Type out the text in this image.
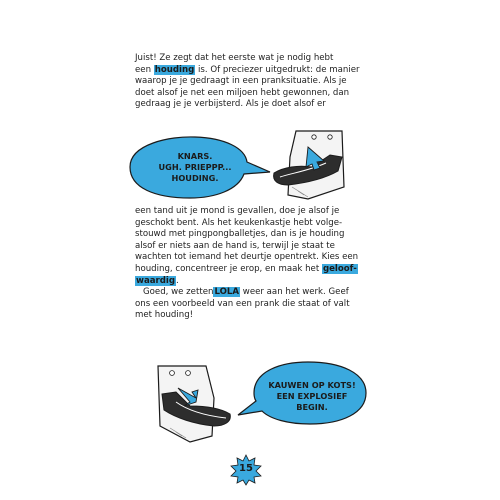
Juist! Ze zegt dat het eerste wat je nodig hebt
een houding is. Of preciezer uitgedrukt: de manier
waarop je je gedraagt in een pranksituatie. Als je
doet alsof je net een miljoen hebt gewonnen, dan
gedraag je je verbijsterd. Als je doet alsof er
KNARS.
UGH. PRIEPPP...
HOUDING.
een tand uit je mond is gevallen, doe je alsof je
geschokt bent. Als het keukenkastje hebt volge-
stouwd met pingpongballetjes, dan is je houding
alsof er niets aan de hand is, terwijl je staat te
wachten tot iemand het deurtje opentrekt. Kies een
houding, concentreer je erop, en maak het geloof-
waardig.
Goed, we zettenLOLA weer aan het werk. Geef
ons een voorbeeld van een prank die staat of valt
met houding!
KAUWEN OP KOTS!
EEN EXPLOSIEF BEGIN.
15
